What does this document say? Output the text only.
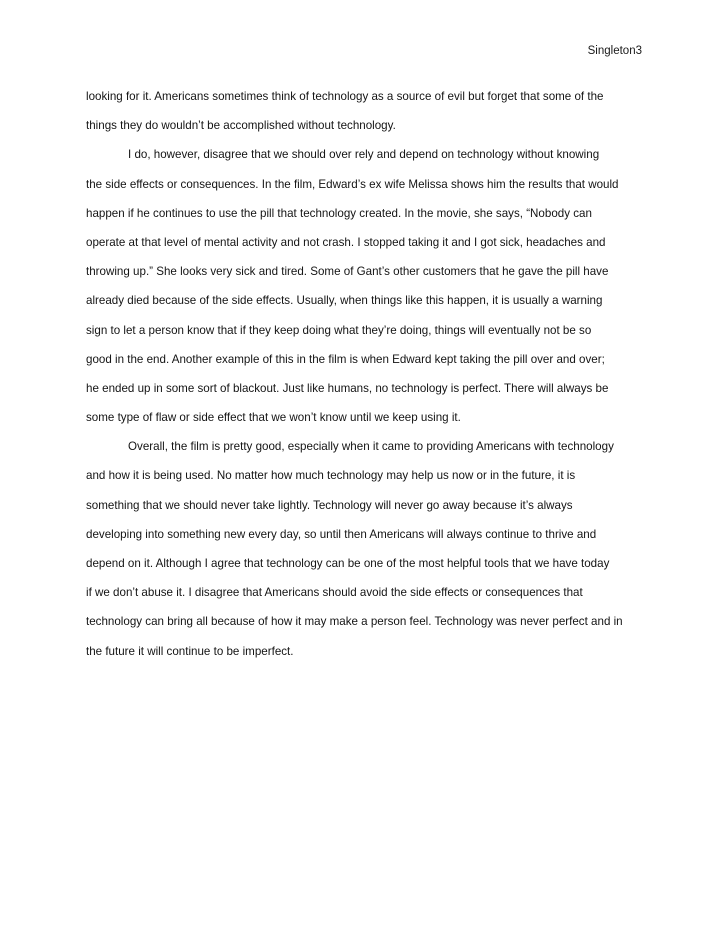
Singleton3
looking for it. Americans sometimes think of technology as a source of evil but forget that some of the
things they do wouldn’t be accomplished without technology.
I do, however, disagree that we should over rely and depend on technology without knowing
the side effects or consequences. In the film, Edward’s ex wife Melissa shows him the results that would
happen if he continues to use the pill that technology created. In the movie, she says, “Nobody can
operate at that level of mental activity and not crash. I stopped taking it and I got sick, headaches and
throwing up.” She looks very sick and tired. Some of Gant’s other customers that he gave the pill have
already died because of the side effects. Usually, when things like this happen, it is usually a warning
sign to let a person know that if they keep doing what they’re doing, things will eventually not be so
good in the end. Another example of this in the film is when Edward kept taking the pill over and over;
he ended up in some sort of blackout. Just like humans, no technology is perfect. There will always be
some type of flaw or side effect that we won’t know until we keep using it.
Overall, the film is pretty good, especially when it came to providing Americans with technology
and how it is being used. No matter how much technology may help us now or in the future, it is
something that we should never take lightly. Technology will never go away because it’s always
developing into something new every day, so until then Americans will always continue to thrive and
depend on it. Although I agree that technology can be one of the most helpful tools that we have today
if we don’t abuse it. I disagree that Americans should avoid the side effects or consequences that
technology can bring all because of how it may make a person feel. Technology was never perfect and in
the future it will continue to be imperfect.
